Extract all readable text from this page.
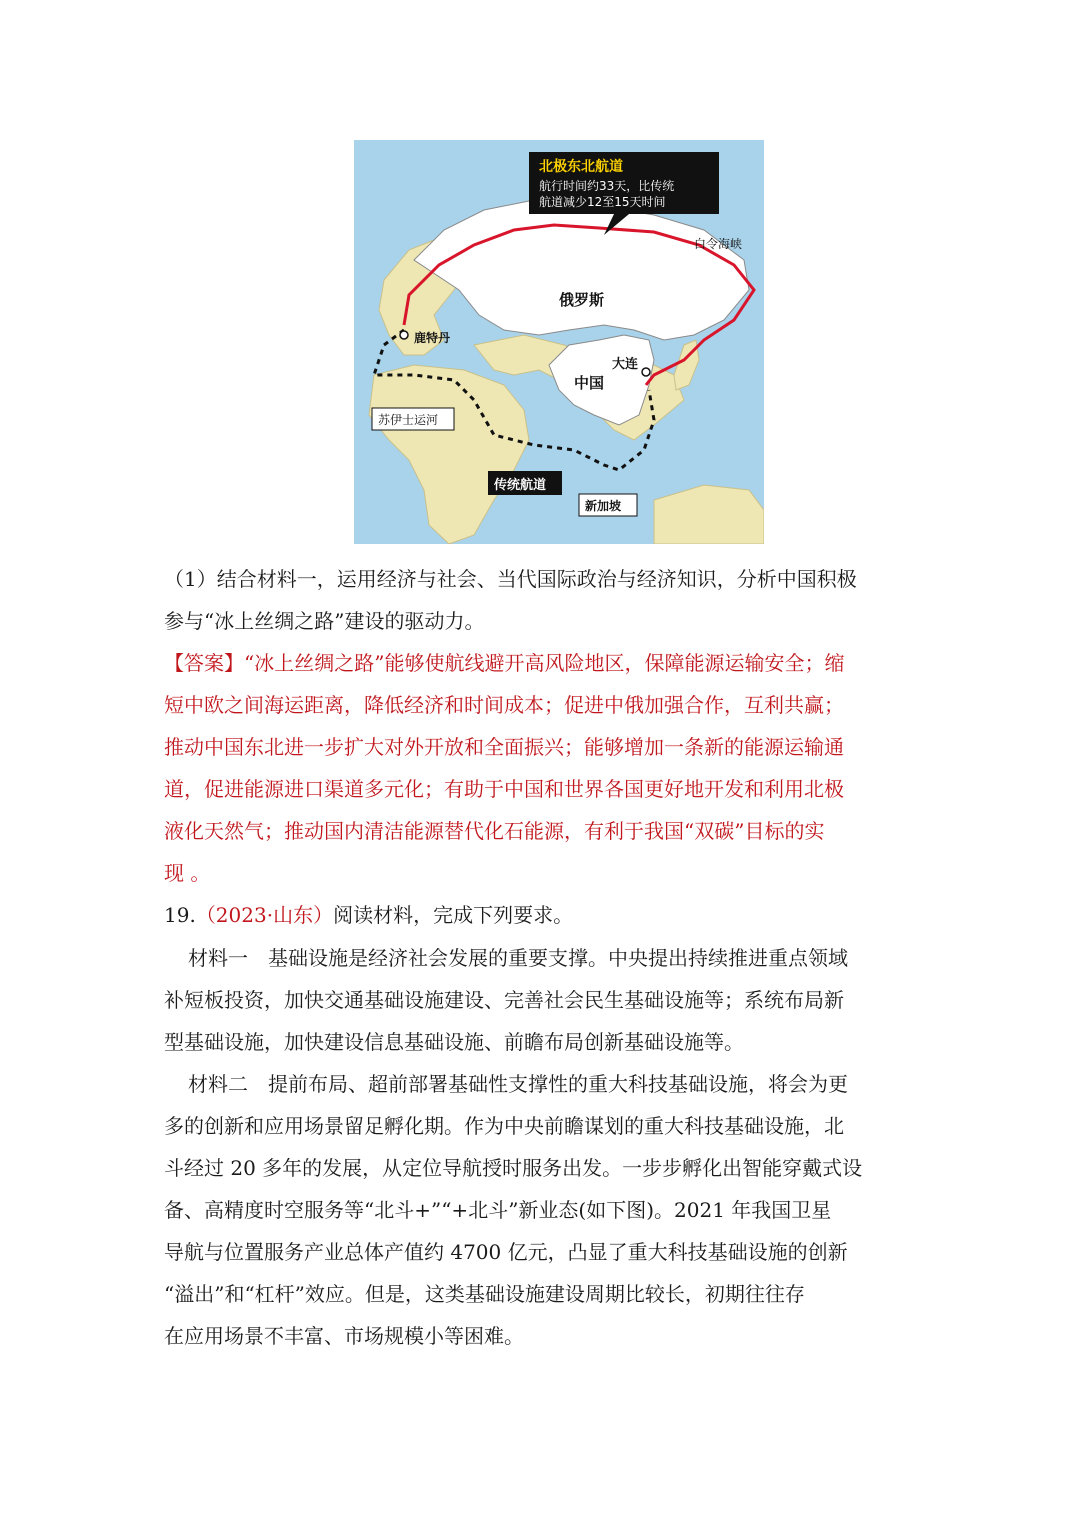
北极东北航道
航行时间约33天，比传统
航道减少12至15天时间
白令海峡
俄罗斯
鹿特丹
大连
中国
苏伊士运河
传统航道
新加坡
（1）结合材料一，运用经济与社会、当代国际政治与经济知识，分析中国积极
参与“冰上丝绸之路”建设的驱动力。
【答案】“冰上丝绸之路”能够使航线避开高风险地区，保障能源运输安全；缩
短中欧之间海运距离，降低经济和时间成本；促进中俄加强合作，互利共赢；
推动中国东北进一步扩大对外开放和全面振兴；能够增加一条新的能源运输通
道，促进能源进口渠道多元化；有助于中国和世界各国更好地开发和利用北极
液化天然气；推动国内清洁能源替代化石能源，有利于我国“双碳”目标的实
现 。
19.（2023·山东）阅读材料，完成下列要求。
材料一　基础设施是经济社会发展的重要支撑。中央提出持续推进重点领域
补短板投资，加快交通基础设施建设、完善社会民生基础设施等；系统布局新
型基础设施，加快建设信息基础设施、前瞻布局创新基础设施等。
材料二　提前布局、超前部署基础性支撑性的重大科技基础设施，将会为更
多的创新和应用场景留足孵化期。作为中央前瞻谋划的重大科技基础设施，北
斗经过 20 多年的发展，从定位导航授时服务出发。一步步孵化出智能穿戴式设
备、高精度时空服务等“北斗+”“+北斗”新业态(如下图)。2021 年我国卫星
导航与位置服务产业总体产值约 4700 亿元，凸显了重大科技基础设施的创新
“溢出”和“杠杆”效应。但是，这类基础设施建设周期比较长，初期往往存
在应用场景不丰富、市场规模小等困难。
